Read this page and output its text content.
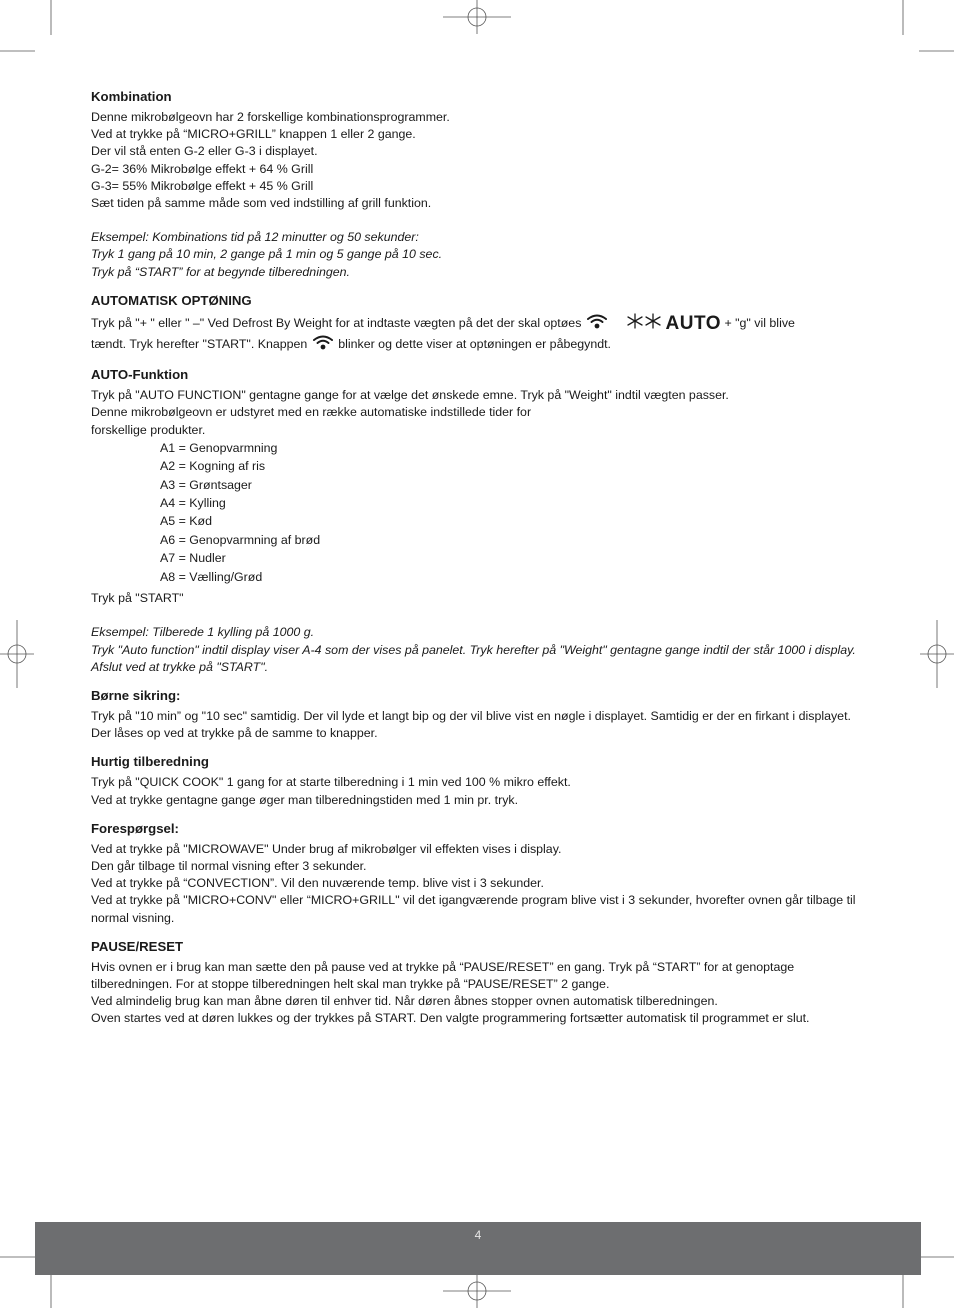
Kombination

Denne mikrobølgeovn har 2 forskellige kombinationsprogrammer.

Ved at trykke på “MICRO+GRILL” knappen 1 eller 2 gange.

Der vil stå enten G-2 eller G-3 i displayet.

G-2= 36% Mikrobølge effekt + 64 % Grill

G-3= 55% Mikrobølge effekt + 45 % Grill

Sæt tiden på samme måde som ved indstilling af grill funktion.

Eksempel: Kombinations tid på 12 minutter og 50 sekunder:

Tryk 1 gang på 10 min, 2 gange på 1 min og 5 gange på 10 sec.

Tryk på “START” for at begynde tilberedningen.

AUTOMATISK OPTØNING

Tryk på "+ " eller " –" Ved Defrost By Weight for at indtaste vægten på det der skal optøes	AUTO + "g" vil blive

tændt. Tryk herefter "START". Knappen blinker og dette viser at optøningen er påbegyndt.

AUTO-Funktion

Tryk på "AUTO FUNCTION" gentagne gange for at vælge det ønskede emne. Tryk på "Weight" indtil vægten passer.

Denne mikrobølgeovn er udstyret med en række automatiske indstillede tider for

forskellige produkter.

A1 = Genopvarmning

A2 = Kogning af ris

A3 = Grøntsager

A4 = Kylling

A5 = Kød

A6 = Genopvarmning af brød

A7 = Nudler

A8 = Vælling/Grød

Tryk på "START"

Eksempel: Tilberede 1 kylling på 1000 g.

Tryk "Auto function" indtil display viser A-4 som der vises på panelet. Tryk herefter på "Weight" gentagne gange indtil der står 1000 i display.

Afslut ved at trykke på "START".

Børne sikring:

Tryk på "10 min” og "10 sec" samtidig. Der vil lyde et langt bip og der vil blive vist en nøgle i displayet. Samtidig er der en firkant i displayet.

Der låses op ved at trykke på de samme to knapper.

Hurtig tilberedning

Tryk på "QUICK COOK" 1 gang for at starte tilberedning i 1 min ved 100 % mikro effekt.

Ved at trykke gentagne gange øger man tilberedningstiden med 1 min pr. tryk.

Forespørgsel:

Ved at trykke på "MICROWAVE" Under brug af mikrobølger vil effekten vises i display.

Den går tilbage til normal visning efter 3 sekunder.

Ved at trykke på “CONVECTION”. Vil den nuværende temp. blive vist i 3 sekunder.

Ved at trykke på "MICRO+CONV" eller “MICRO+GRILL" vil det igangværende program blive vist i 3 sekunder, hvorefter ovnen går tilbage til normal visning.

PAUSE/RESET

Hvis ovnen er i brug kan man sætte den på pause ved at trykke på “PAUSE/RESET” en gang. Tryk på “START” for at genoptage tilberedningen. For at stoppe tilberedningen helt skal man trykke på “PAUSE/RESET” 2 gange.

Ved almindelig brug kan man åbne døren til enhver tid. Når døren åbnes stopper ovnen automatisk tilberedningen.

Oven startes ved at døren lukkes og der trykkes på START. Den valgte programmering fortsætter automatisk til programmet er slut.

4
